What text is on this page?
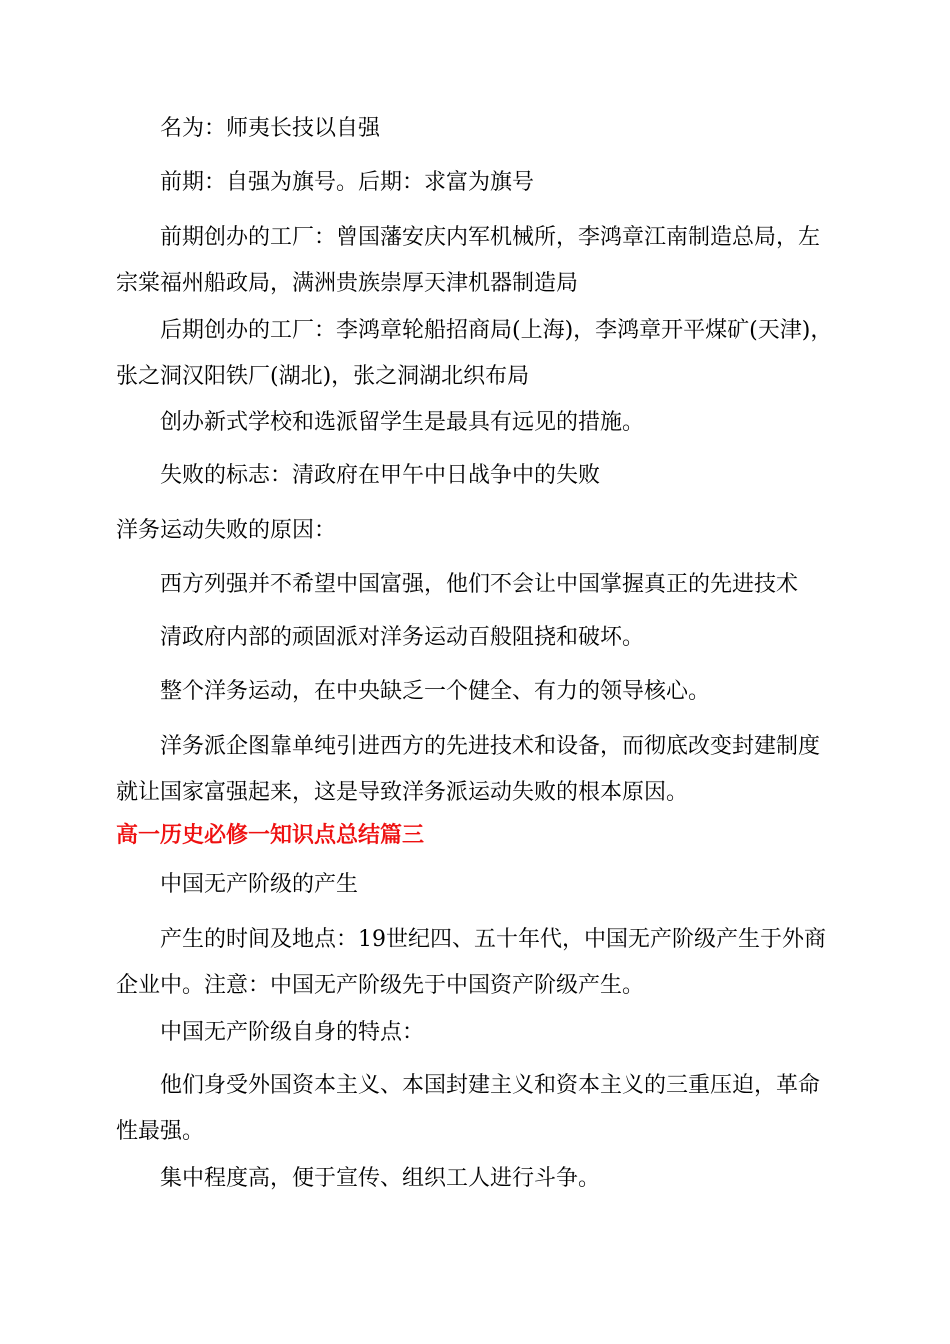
名为：师夷长技以自强

前期：自强为旗号。后期：求富为旗号

前期创办的工厂：曾国藩安庆内军机械所，李鸿章江南制造总局，左宗棠福州船政局，满洲贵族崇厚天津机器制造局

后期创办的工厂：李鸿章轮船招商局(上海)，李鸿章开平煤矿(天津)，张之洞汉阳铁厂(湖北)，张之洞湖北织布局

创办新式学校和选派留学生是最具有远见的措施。

失败的标志：清政府在甲午中日战争中的失败

洋务运动失败的原因：

西方列强并不希望中国富强，他们不会让中国掌握真正的先进技术

清政府内部的顽固派对洋务运动百般阻挠和破坏。

整个洋务运动，在中央缺乏一个健全、有力的领导核心。

洋务派企图靠单纯引进西方的先进技术和设备，而彻底改变封建制度就让国家富强起来，这是导致洋务派运动失败的根本原因。

高一历史必修一知识点总结篇三

中国无产阶级的产生

产生的时间及地点：19世纪四、五十年代，中国无产阶级产生于外商企业中。注意：中国无产阶级先于中国资产阶级产生。

中国无产阶级自身的特点：

他们身受外国资本主义、本国封建主义和资本主义的三重压迫，革命性最强。

集中程度高，便于宣传、组织工人进行斗争。
